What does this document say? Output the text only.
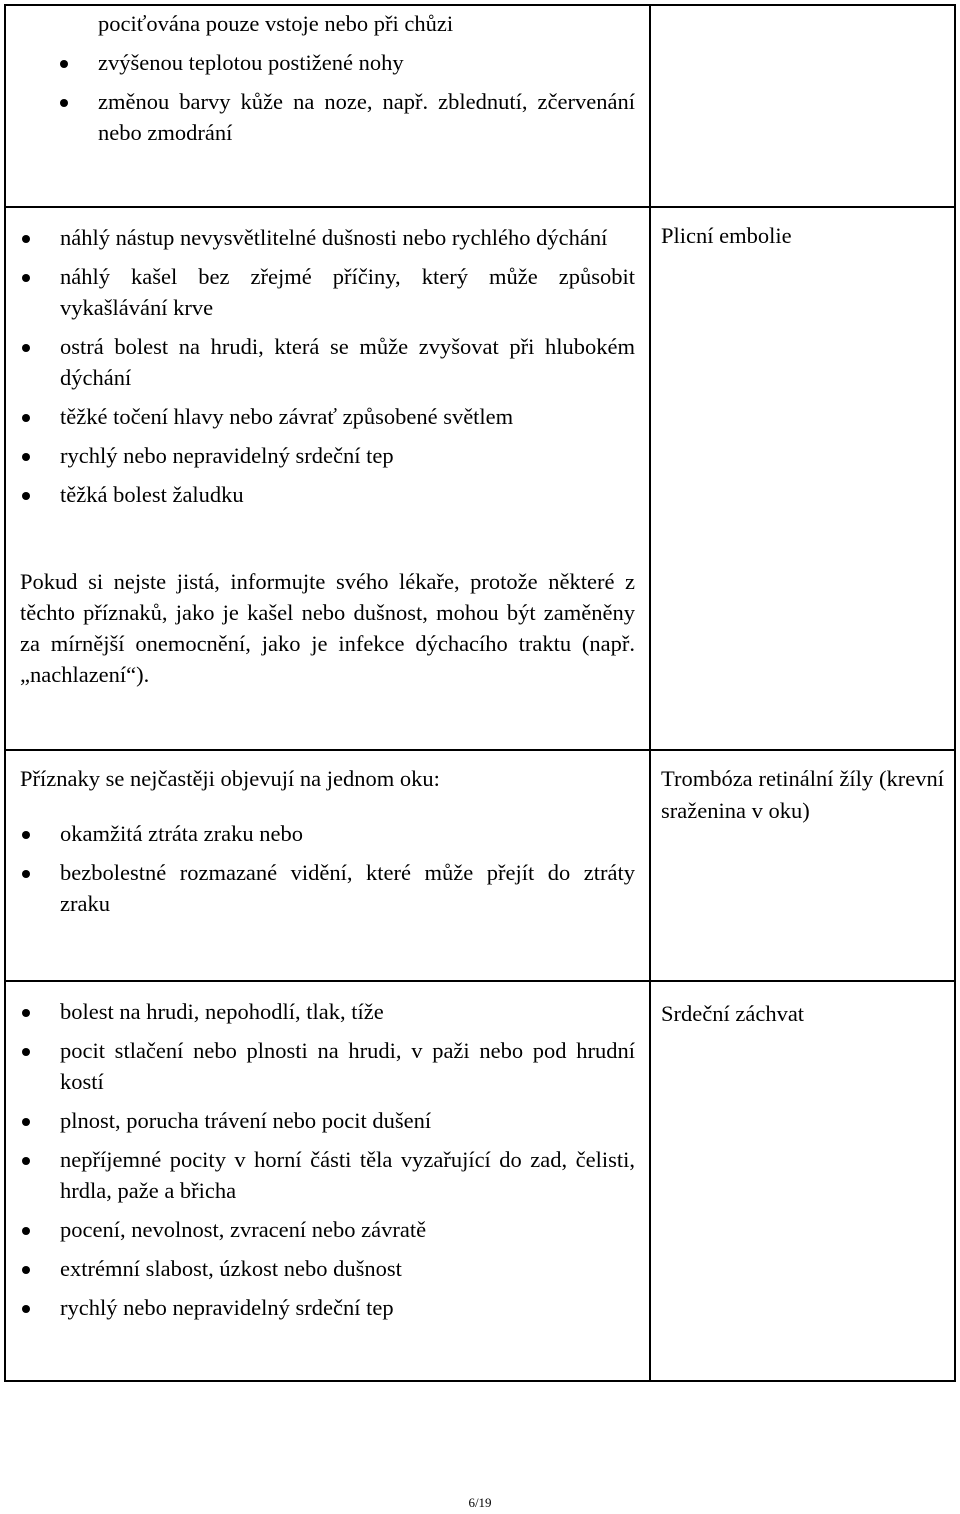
pociťována pouze vstoje nebo při chůzi

zvýšenou teplotou postižené nohy
změnou barvy kůže na noze, např. zblednutí, zčervenání nebo zmodrání
náhlý nástup nevysvětlitelné dušnosti nebo rychlého dýchání
náhlý kašel bez zřejmé příčiny, který může způsobit vykašlávání krve
ostrá bolest na hrudi, která se může zvyšovat při hlubokém dýchání
těžké točení hlavy nebo závrať způsobené světlem
rychlý nebo nepravidelný srdeční tep
těžká bolest žaludku

Pokud si nejste jistá, informujte svého lékaře, protože některé z těchto příznaků, jako je kašel nebo dušnost, mohou být zaměněny za mírnější onemocnění, jako je infekce dýchacího traktu (např. „nachlazení“).

Plicní embolie

Příznaky se nejčastěji objevují na jednom oku:

okamžitá ztráta zraku nebo
bezbolestné rozmazané vidění, které může přejít do ztráty zraku
Trombóza retinální žíly (krevní sraženina v oku)
bolest na hrudi, nepohodlí, tlak, tíže
pocit stlačení nebo plnosti na hrudi, v paži nebo pod hrudní kostí
plnost, porucha trávení nebo pocit dušení
nepříjemné pocity v horní části těla vyzařující do zad, čelisti, hrdla, paže a břicha
pocení, nevolnost, zvracení nebo závratě
extrémní slabost, úzkost nebo dušnost
rychlý nebo nepravidelný srdeční tep
Srdeční záchvat
6/19
